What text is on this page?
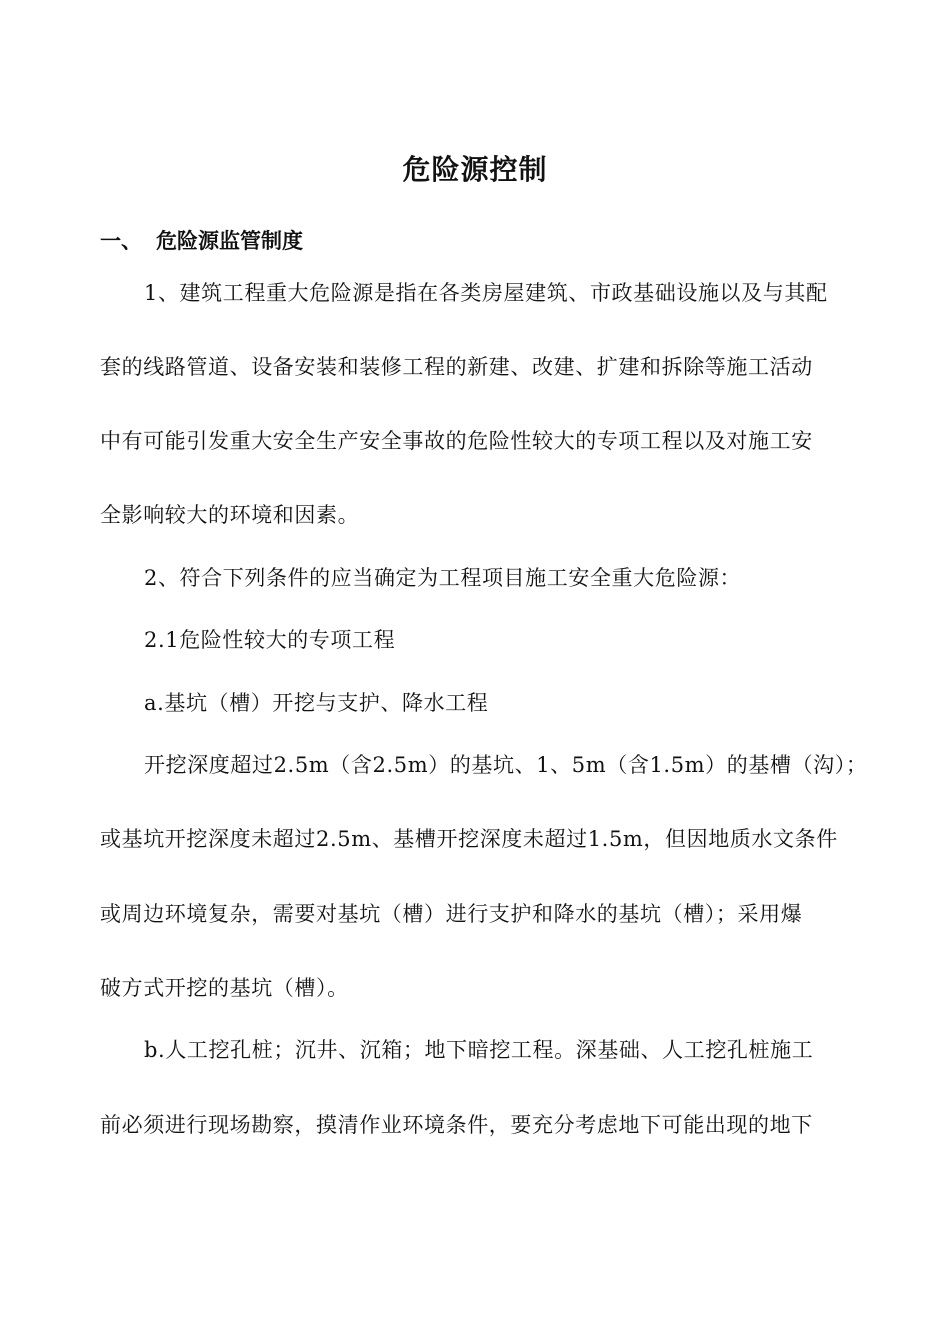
危险源控制
一、 危险源监管制度
1、建筑工程重大危险源是指在各类房屋建筑、市政基础设施以及与其配
套的线路管道、设备安装和装修工程的新建、改建、扩建和拆除等施工活动
中有可能引发重大安全生产安全事故的危险性较大的专项工程以及对施工安
全影响较大的环境和因素。
2、符合下列条件的应当确定为工程项目施工安全重大危险源：
2.1危险性较大的专项工程
a.基坑（槽）开挖与支护、降水工程
开挖深度超过2.5m（含2.5m）的基坑、1、5m（含1.5m）的基槽（沟）；
或基坑开挖深度未超过2.5m、基槽开挖深度未超过1.5m，但因地质水文条件
或周边环境复杂，需要对基坑（槽）进行支护和降水的基坑（槽）；采用爆
破方式开挖的基坑（槽）。
b.人工挖孔桩；沉井、沉箱；地下暗挖工程。深基础、人工挖孔桩施工
前必须进行现场勘察，摸清作业环境条件，要充分考虑地下可能出现的地下
